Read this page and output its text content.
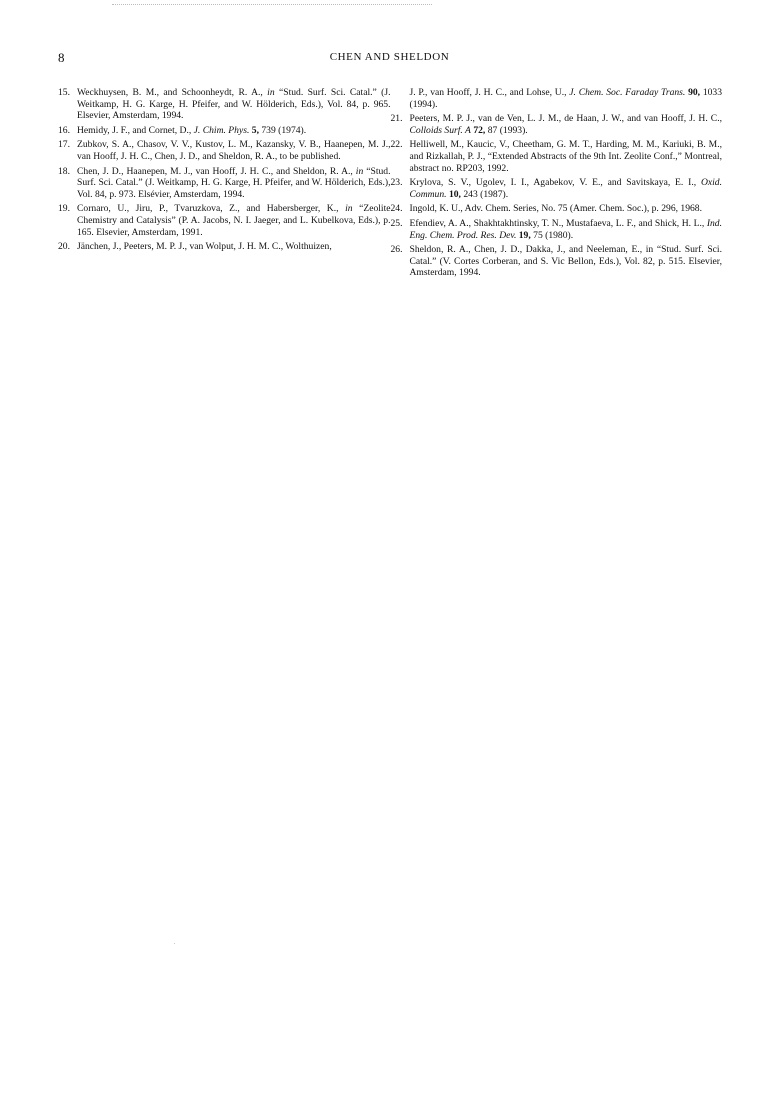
8	CHEN AND SHELDON
15. Weckhuysen, B. M., and Schoonheydt, R. A., in “Stud. Surf. Sci. Catal.” (J. Weitkamp, H. G. Karge, H. Pfeifer, and W. Hölderich, Eds.), Vol. 84, p. 965. Elsevier, Amsterdam, 1994.
16. Hemidy, J. F., and Cornet, D., J. Chim. Phys. 5, 739 (1974).
17. Zubkov, S. A., Chasov, V. V., Kustov, L. M., Kazansky, V. B., Haanepen, M. J., van Hooff, J. H. C., Chen, J. D., and Sheldon, R. A., to be published.
18. Chen, J. D., Haanepen, M. J., van Hooff, J. H. C., and Sheldon, R. A., in “Stud. Surf. Sci. Catal.” (J. Weitkamp, H. G. Karge, H. Pfeifer, and W. Hölderich, Eds.), Vol. 84, p. 973. Elsévier, Amsterdam, 1994.
19. Cornaro, U., Jiru, P., Tvaruzkova, Z., and Habersberger, K., in “Zeolite Chemistry and Catalysis” (P. A. Jacobs, N. I. Jaeger, and L. Kubelkova, Eds.), p. 165. Elsevier, Amsterdam, 1991.
20. Jänchen, J., Peeters, M. P. J., van Wolput, J. H. M. C., Wolthuizen,
J. P., van Hooff, J. H. C., and Lohse, U., J. Chem. Soc. Faraday Trans. 90, 1033 (1994).
21. Peeters, M. P. J., van de Ven, L. J. M., de Haan, J. W., and van Hooff, J. H. C., Colloids Surf. A 72, 87 (1993).
22. Helliwell, M., Kaucic, V., Cheetham, G. M. T., Harding, M. M., Kariuki, B. M., and Rizkallah, P. J., “Extended Abstracts of the 9th Int. Zeolite Conf.,” Montreal, abstract no. RP203, 1992.
23. Krylova, S. V., Ugolev, I. I., Agabekov, V. E., and Savitskaya, E. I., Oxid. Commun. 10, 243 (1987).
24. Ingold, K. U., Adv. Chem. Series, No. 75 (Amer. Chem. Soc.), p. 296, 1968.
25. Efendiev, A. A., Shakhtakhtinsky, T. N., Mustafaeva, L. F., and Shick, H. L., Ind. Eng. Chem. Prod. Res. Dev. 19, 75 (1980).
26. Sheldon, R. A., Chen, J. D., Dakka, J., and Neeleman, E., in “Stud. Surf. Sci. Catal.” (V. Cortes Corberan, and S. Vic Bellon, Eds.), Vol. 82, p. 515. Elsevier, Amsterdam, 1994.
